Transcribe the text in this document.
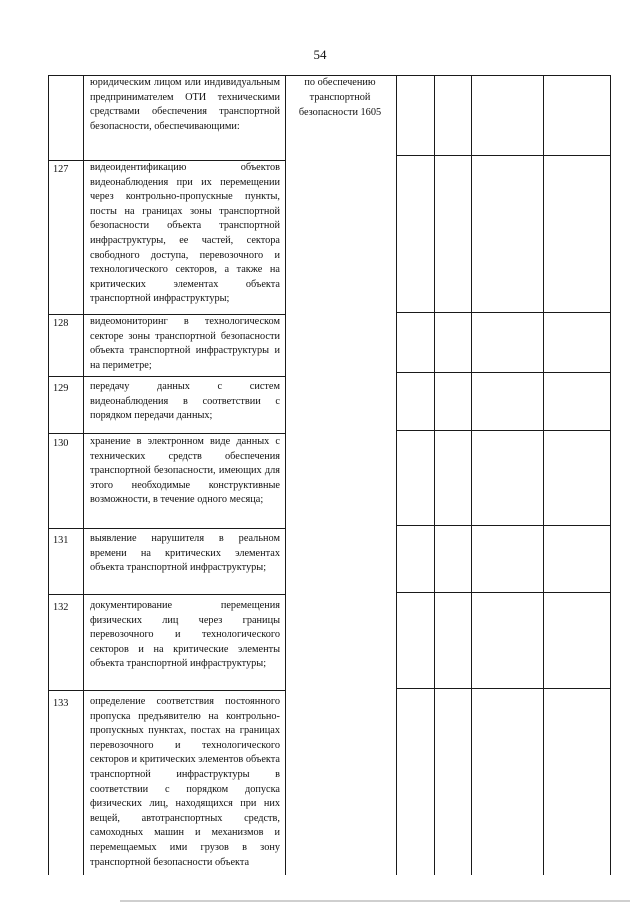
54
юридическим лицом или индивидуальным предпринимателем ОТИ техническими средствами обеспечения транспортной безопасности, обеспечивающими:
по обеспечению транспортной безопасности 1605
127 видеоидентификацию объектов видеонаблюдения при их перемещении через контрольно-пропускные пункты, посты на границах зоны транспортной безопасности объекта транспортной инфраструктуры, ее частей, сектора свободного доступа, перевозочного и технологического секторов, а также на критических элементах объекта транспортной инфраструктуры;
128 видеомониторинг в технологическом секторе зоны транспортной безопасности объекта транспортной инфраструктуры и на периметре;
129 передачу данных с систем видеонаблюдения в соответствии с порядком передачи данных;
130 хранение в электронном виде данных с технических средств обеспечения транспортной безопасности, имеющих для этого необходимые конструктивные возможности, в течение одного месяца;
131 выявление нарушителя в реальном времени на критических элементах объекта транспортной инфраструктуры;
132 документирование перемещения физических лиц через границы перевозочного и технологического секторов и на критические элементы объекта транспортной инфраструктуры;
133 определение соответствия постоянного пропуска предъявителю на контрольно-пропускных пунктах, постах на границах перевозочного и технологического секторов и критических элементов объекта транспортной инфраструктуры в соответствии с порядком допуска физических лиц, находящихся при них вещей, автотранспортных средств, самоходных машин и механизмов и перемещаемых ими грузов в зону транспортной безопасности объекта
